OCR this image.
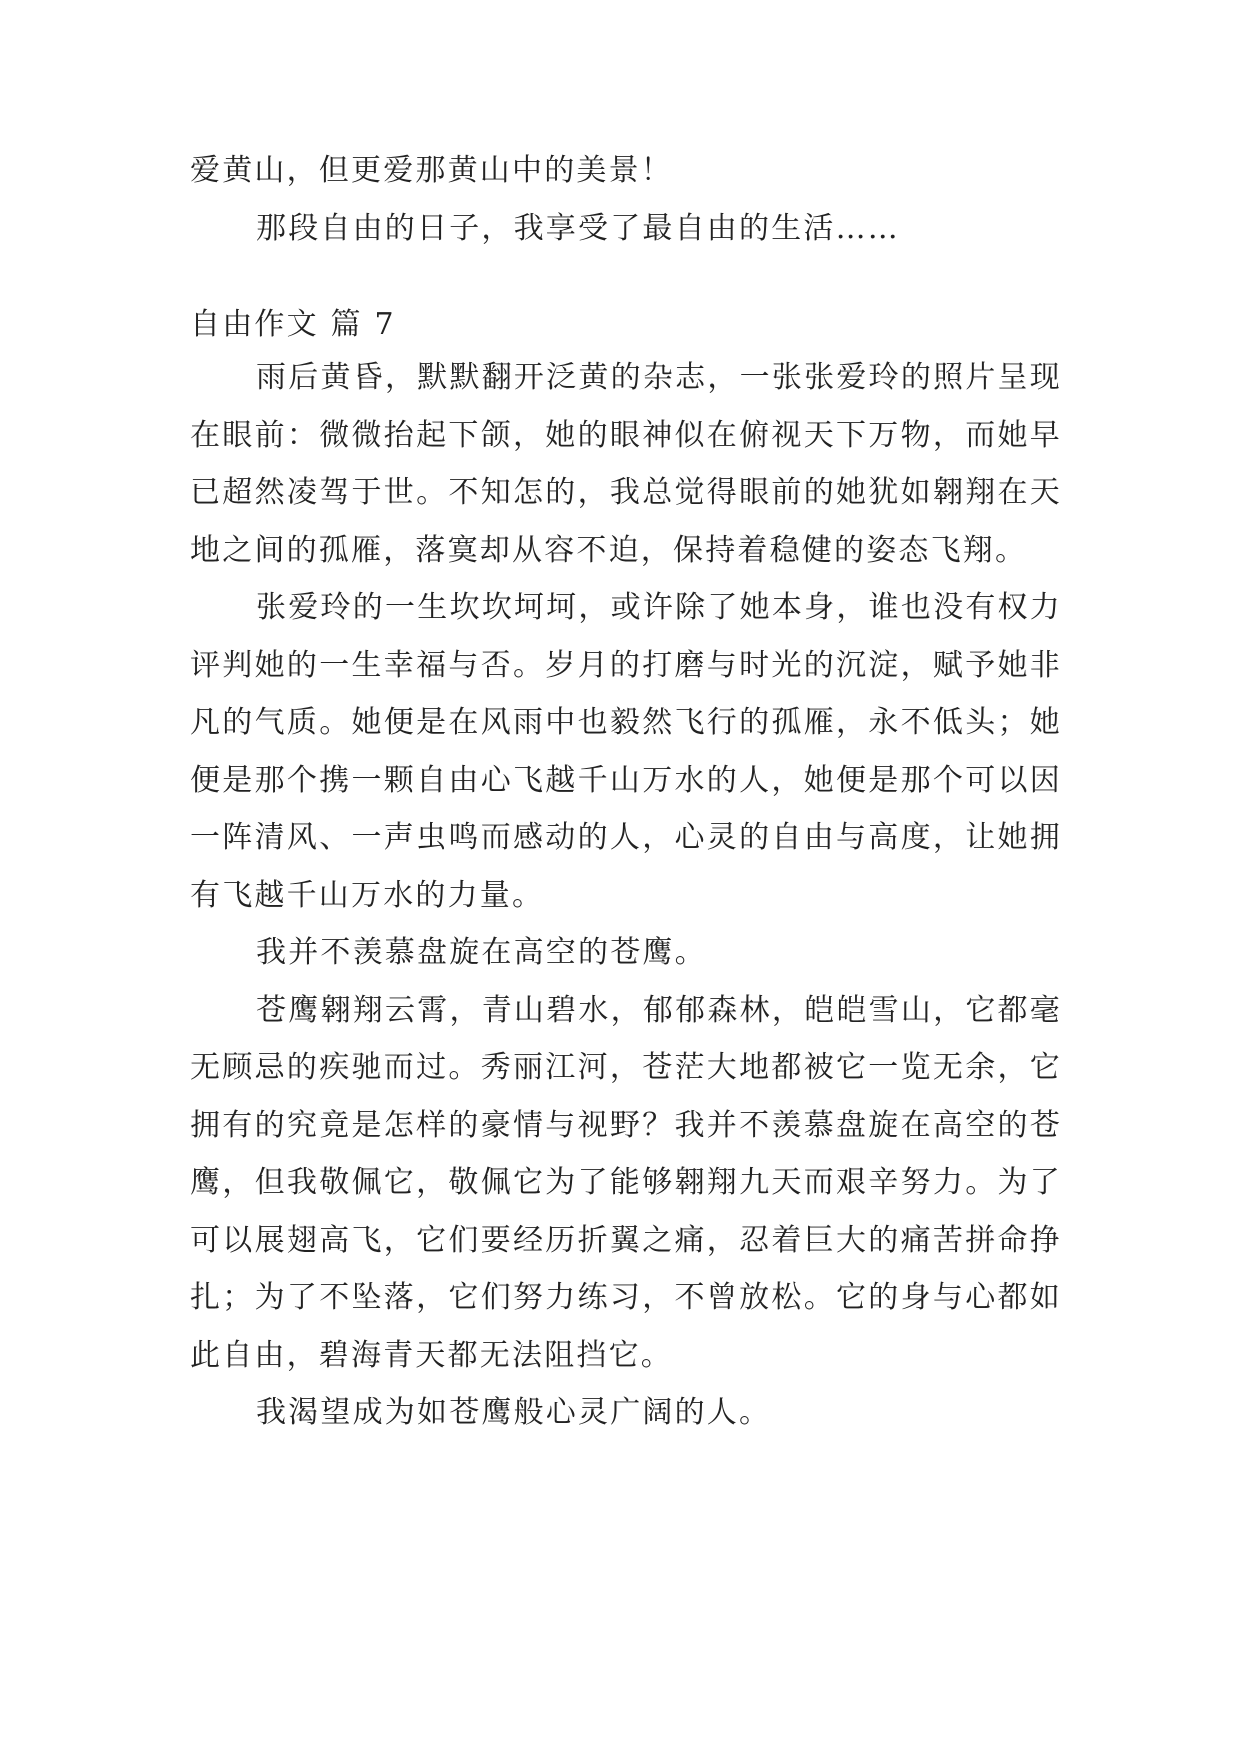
爱黄山，但更爱那黄山中的美景！

那段自由的日子，我享受了最自由的生活……

自由作文 篇 7

雨后黄昏，默默翻开泛黄的杂志，一张张爱玲的照片呈现在眼前：微微抬起下颌，她的眼神似在俯视天下万物，而她早已超然凌驾于世。不知怎的，我总觉得眼前的她犹如翱翔在天地之间的孤雁，落寞却从容不迫，保持着稳健的姿态飞翔。

张爱玲的一生坎坎坷坷，或许除了她本身，谁也没有权力评判她的一生幸福与否。岁月的打磨与时光的沉淀，赋予她非凡的气质。她便是在风雨中也毅然飞行的孤雁，永不低头；她便是那个携一颗自由心飞越千山万水的人，她便是那个可以因一阵清风、一声虫鸣而感动的人，心灵的自由与高度，让她拥有飞越千山万水的力量。

我并不羡慕盘旋在高空的苍鹰。

苍鹰翱翔云霄，青山碧水，郁郁森林，皑皑雪山，它都毫无顾忌的疾驰而过。秀丽江河，苍茫大地都被它一览无余，它拥有的究竟是怎样的豪情与视野？我并不羡慕盘旋在高空的苍鹰，但我敬佩它，敬佩它为了能够翱翔九天而艰辛努力。为了可以展翅高飞，它们要经历折翼之痛，忍着巨大的痛苦拼命挣扎；为了不坠落，它们努力练习，不曾放松。它的身与心都如此自由，碧海青天都无法阻挡它。

我渴望成为如苍鹰般心灵广阔的人。
